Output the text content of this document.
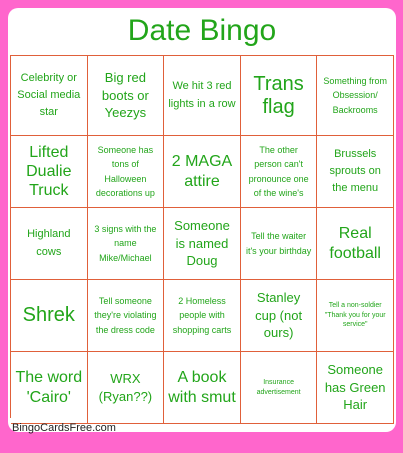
Date Bingo
Celebrity or Social media star
Big red boots or Yeezys
We hit 3 red lights in a row
Trans flag
Something from Obsession/ Backrooms
Lifted Dualie Truck
Someone has tons of Halloween decorations up
2 MAGA attire
The other person can't pronounce one of the wine's
Brussels sprouts on the menu
Highland cows
3 signs with the name Mike/Michael
Someone is named Doug
Tell the waiter it's your birthday
Real football
Shrek
Tell someone they're violating the dress code
2 Homeless people with shopping carts
Stanley cup (not ours)
Tell a non-soldier "Thank you for your service"
The word 'Cairo'
WRX (Ryan??)
A book with smut
Insurance advertisement
Someone has Green Hair
BingoCardsFree.com
